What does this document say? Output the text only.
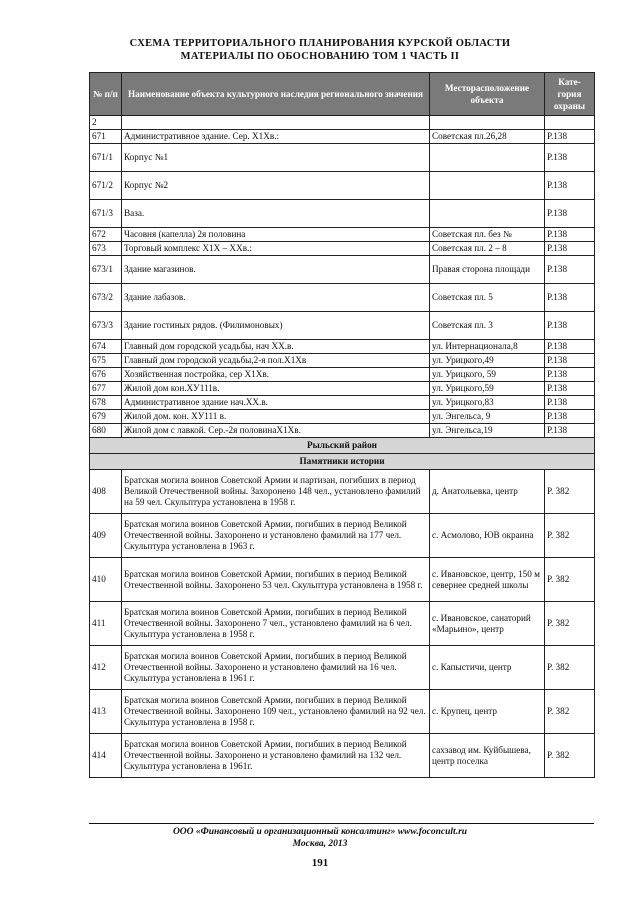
СХЕМА ТЕРРИТОРИАЛЬНОГО ПЛАНИРОВАНИЯ КУРСКОЙ ОБЛАСТИ
МАТЕРИАЛЫ ПО ОБОСНОВАНИЮ ТОМ 1 ЧАСТЬ II
№ п/п	Наименование объекта культурного наследия регионального значения	Месторасположение объекта	Кате-гория охраны
2			
671	Административное здание. Сер. Х1Хв.:	Советская пл.26,28	Р.138
671/1	Корпус №1		Р.138
671/2	Корпус №2		Р.138
671/3	Ваза.		Р.138
672	Часовня (капелла) 2я половина	Советская пл. без №	Р.138
673	Торговый комплекс Х1Х – ХХв.:	Советская пл. 2 – 8	Р.138
673/1	Здание магазинов.	Правая сторона площади	Р.138
673/2	Здание лабазов.	Советская пл. 5	Р.138
673/3	Здание гостиных рядов. (Филимоновых)	Советская пл. 3	Р.138
674	Главный дом городской усадьбы, нач ХХ.в.	ул. Интернационала,8	Р.138
675	Главный дом городской усадьбы,2-я пол.Х1Хв	ул. Урицкого,49	Р.138
676	Хозяйственная постройка, сер Х1Хв.	ул. Урицкого, 59	Р.138
677	Жилой дом кон.ХУ111в.	ул. Урицкого,59	Р.138
678	Административное здание нач.ХХ.в.	ул. Урицкого,83	Р.138
679	Жилой дом. кон. ХУ111 в.	ул. Энгельса, 9	Р.138
680	Жилой дом с лавкой. Сер.-2я половинаХ1Хв.	ул. Энгельса,19	Р.138
Рыльский район			
Памятники истории			
408	Братская могила воинов Советской Армии и партизан, погибших в период Великой Отечественной войны. Захоронено 148 чел., установлено фамилий на 59 чел. Скульптура установлена в 1958 г.	д. Анатольевка, центр	Р. 382
409	Братская могила воинов Советской Армии, погибших в период Великой Отечественной войны. Захоронено и установлено фамилий на 177 чел. Скульптура установлена в 1963 г.	с. Асмолово, ЮВ окраина	Р. 382
410	Братская могила воинов Советской Армии, погибших в период Великой Отечественной войны. Захоронено 53 чел. Скульптура установлена в 1958 г.	с. Ивановское, центр, 150 м севернее средней школы	Р. 382
411	Братская могила воинов Советской Армии, погибших в период Великой Отечественной войны. Захоронено 7 чел., установлено фамилий на 6 чел. Скульптура установлена в 1958 г.	с. Ивановское, санаторий «Марьино», центр	Р. 382
412	Братская могила воинов Советской Армии, погибших в период Великой Отечественной войны. Захоронено и установлено фамилий на 16 чел. Скульптура установлена в 1961 г.	с. Капыстичи, центр	Р. 382
413	Братская могила воинов Советской Армии, погибших в период Великой Отечественной войны. Захоронено 109 чел., установлено фамилий на 92 чел. Скульптура установлена в 1958 г.	с. Крупец, центр	Р. 382
414	Братская могила воинов Советской Армии, погибших в период Великой Отечественной войны. Захоронено и установлено фамилий на 132 чел. Скульптура установлена в 1961г.	сахзавод им. Куйбышева, центр поселка	Р. 382
ООО «Финансовый и организационный консалтинг» www.foconcult.ru
Москва, 2013
191
